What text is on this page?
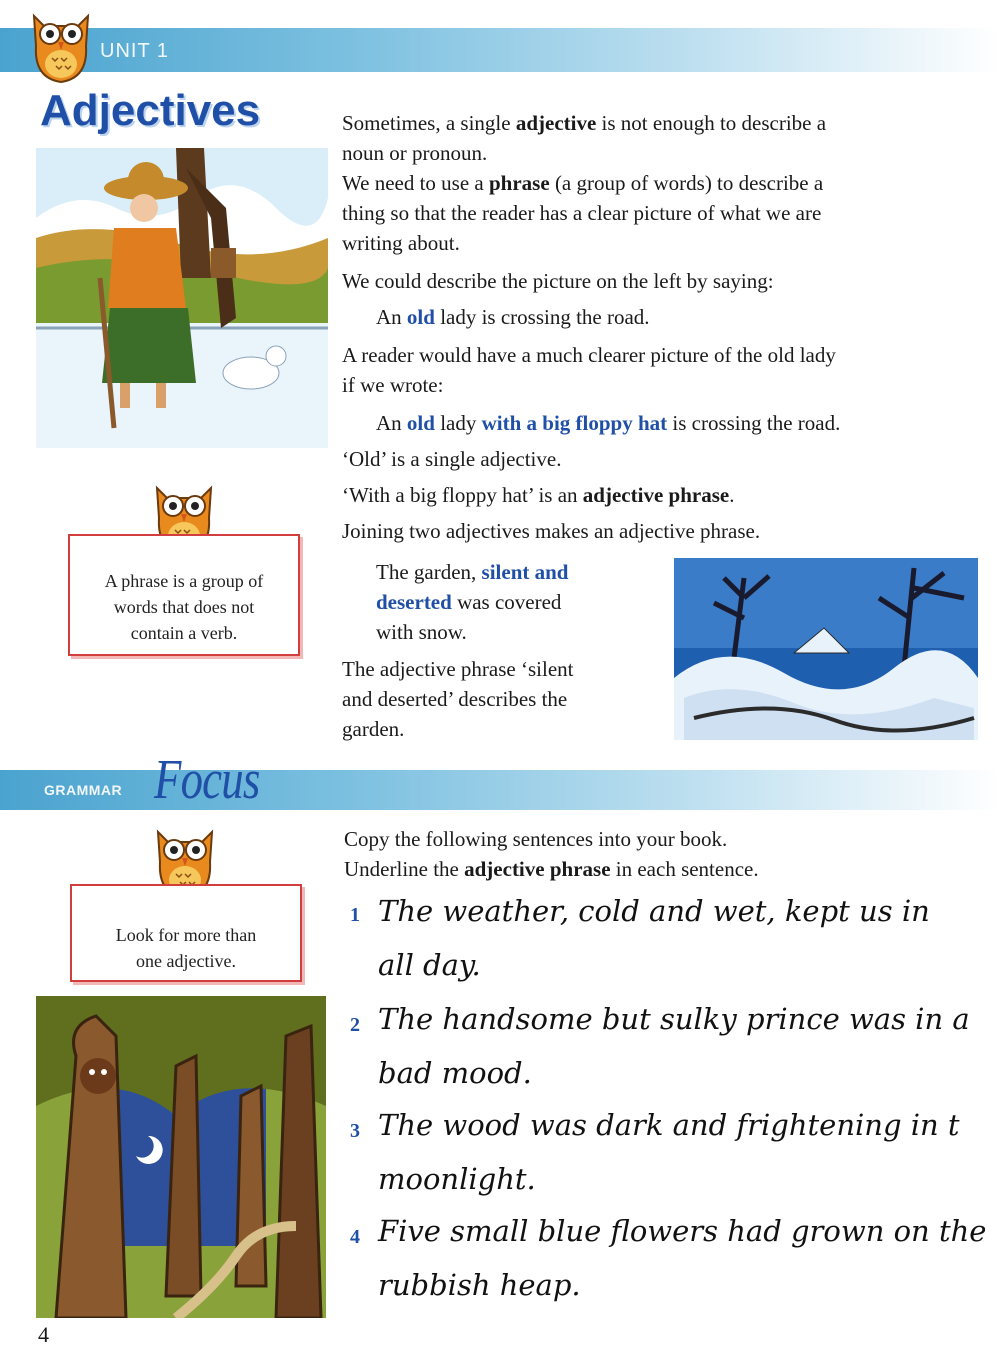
UNIT 1
Adjectives
A phrase is a group of
words that does not
contain a verb.
Sometimes, a single adjective is not enough to describe a
noun or pronoun.
We need to use a phrase (a group of words) to describe a
thing so that the reader has a clear picture of what we are
writing about.
We could describe the picture on the left by saying:
An old lady is crossing the road.
A reader would have a much clearer picture of the old lady
if we wrote:
An old lady with a big floppy hat is crossing the road.
‘Old’ is a single adjective.
‘With a big floppy hat’ is an adjective phrase.
Joining two adjectives makes an adjective phrase.
The garden, silent and
deserted was covered
with snow.
The adjective phrase ‘silent
and deserted’ describes the
garden.
GRAMMAR Focus
Look for more than
one adjective.
Copy the following sentences into your book.
Underline the adjective phrase in each sentence.
1 The weather, cold and wet, kept us in
all day.
2 The handsome but sulky prince was in a
bad mood.
3 The wood was dark and frightening in t
moonlight.
4 Five small blue flowers had grown on the
rubbish heap.
4
